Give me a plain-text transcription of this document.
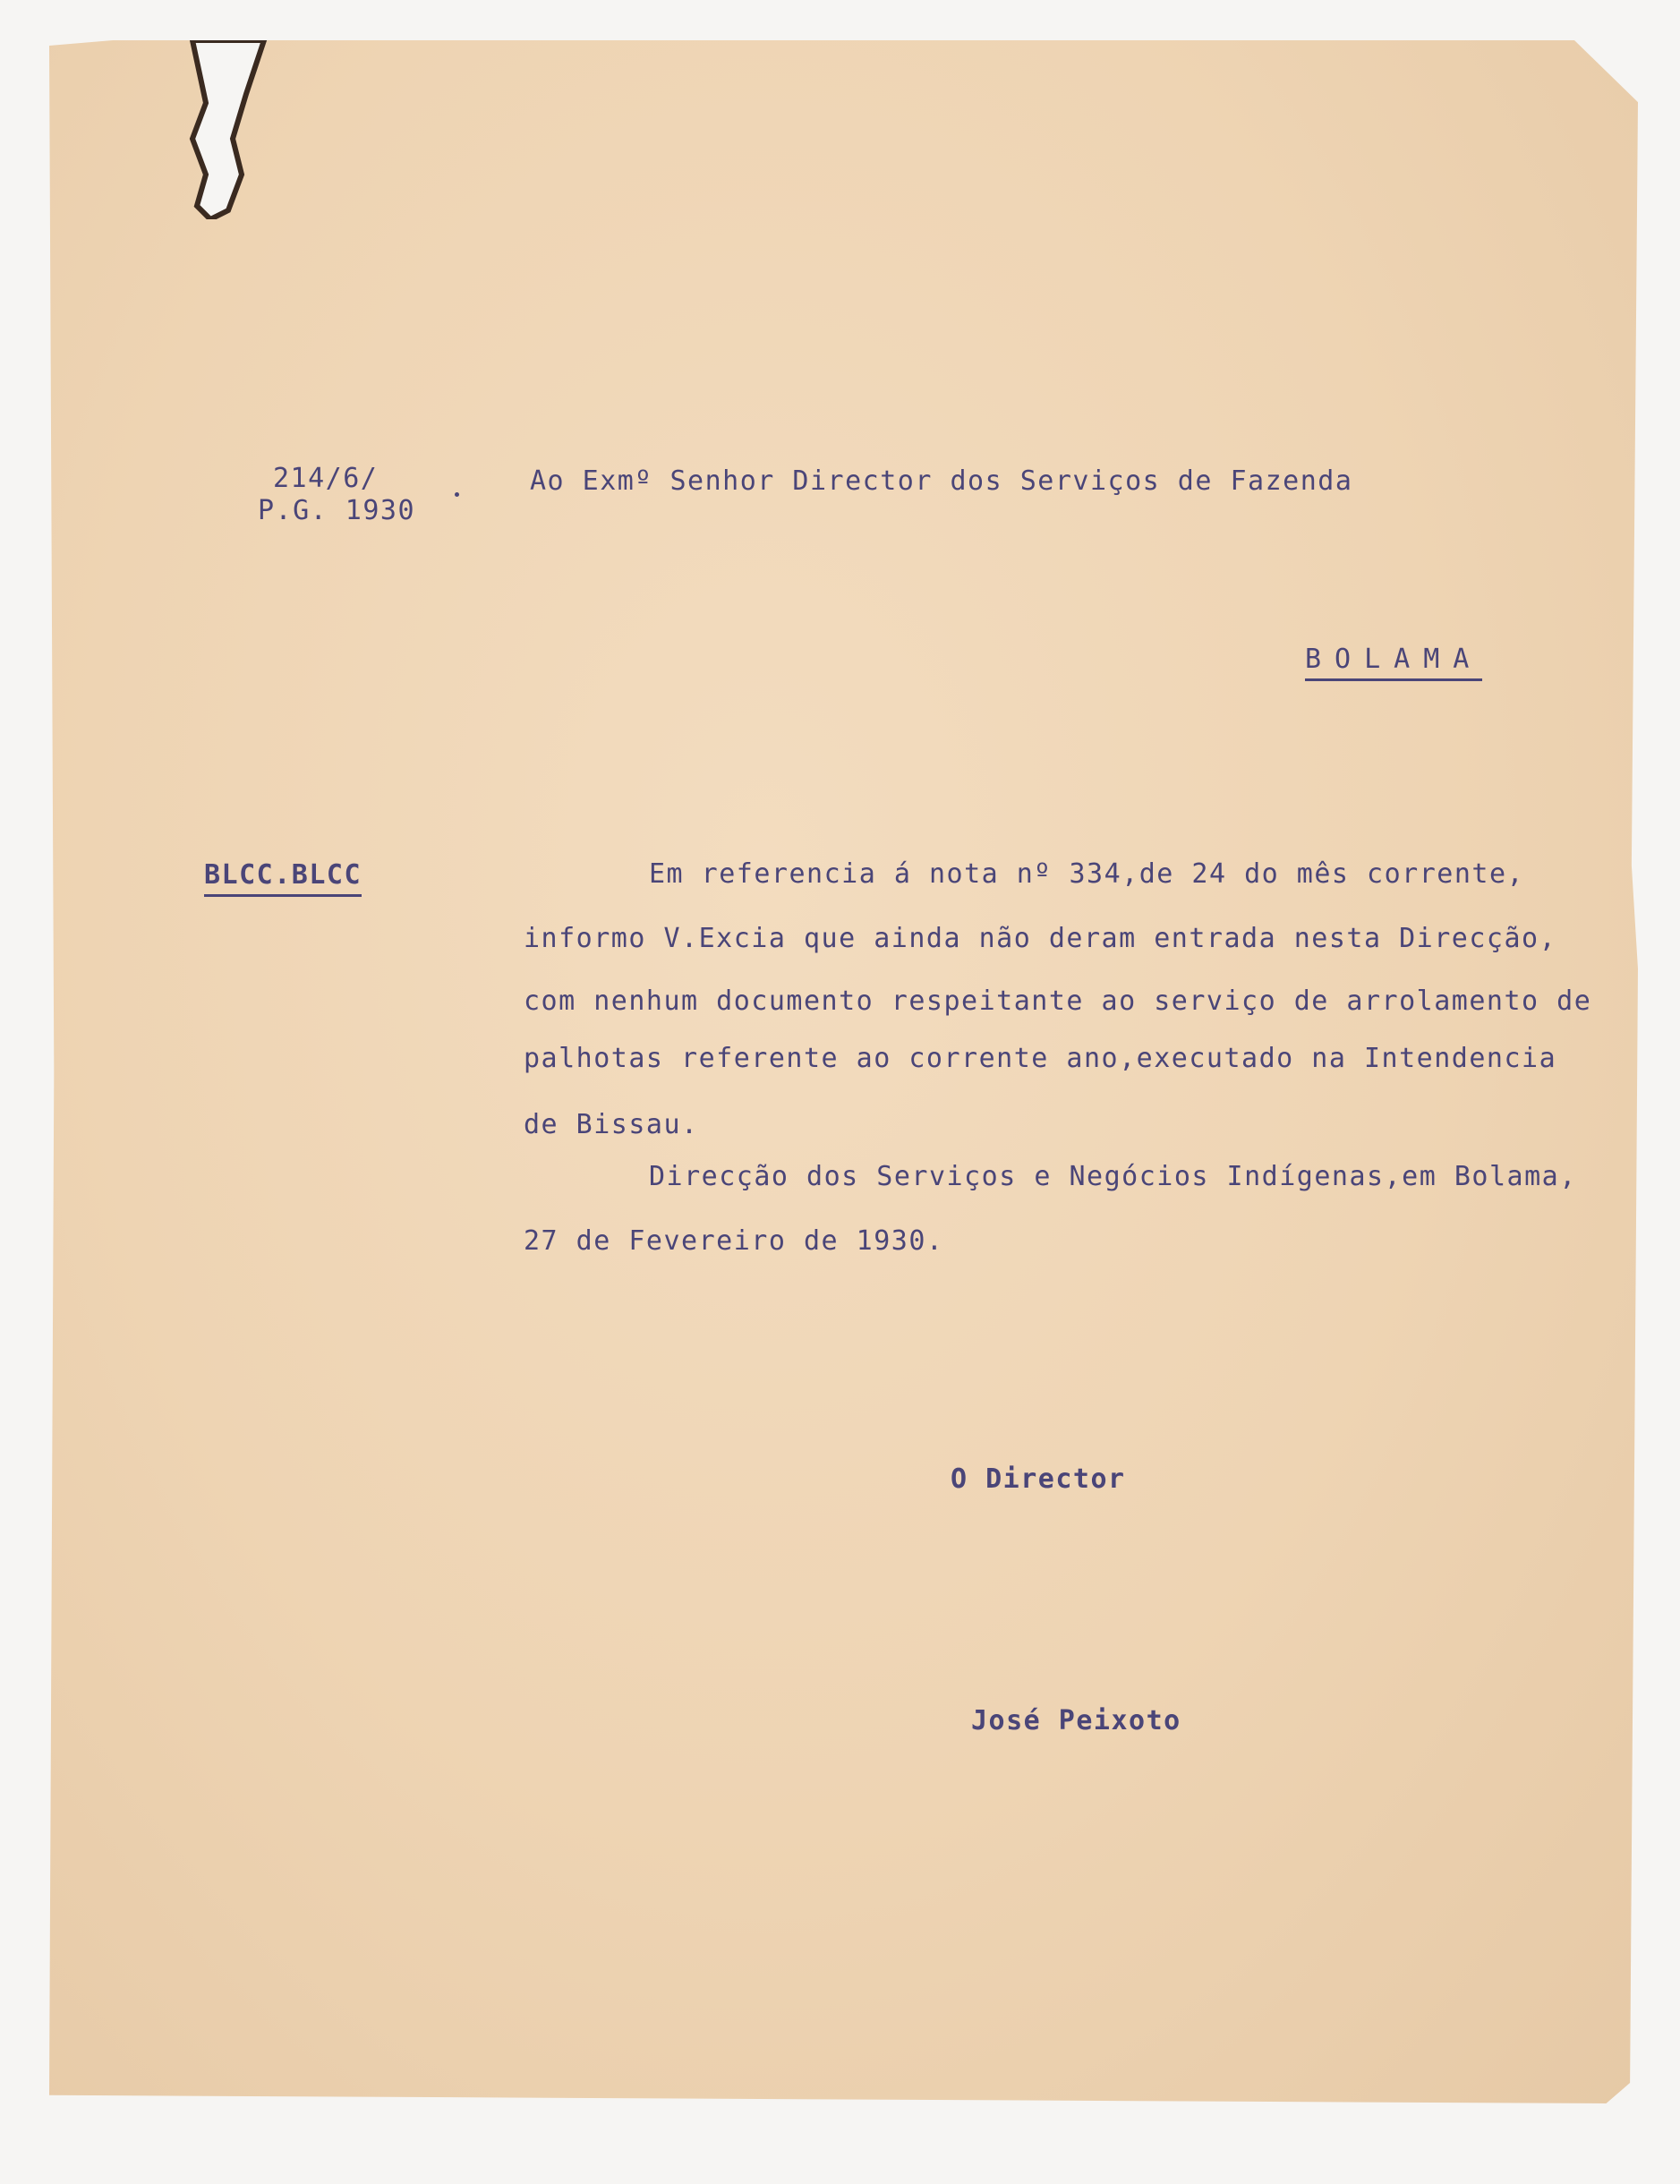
214/6/
P.G. 1930
Ao Exmº Senhor Director dos Serviços de Fazenda
BOLAMA
BLCC.BLCC	Em referencia á nota nº 334,de 24 do mês corrente,
informo V.Excia que ainda não deram entrada nesta Direcção,
com nenhum documento respeitante ao serviço de arrolamento de
palhotas referente ao corrente ano,executado na Intendencia
de Bissau.
Direcção dos Serviços e Negócios Indígenas,em Bolama,
27 de Fevereiro de 1930.
O Director
José Peixoto
